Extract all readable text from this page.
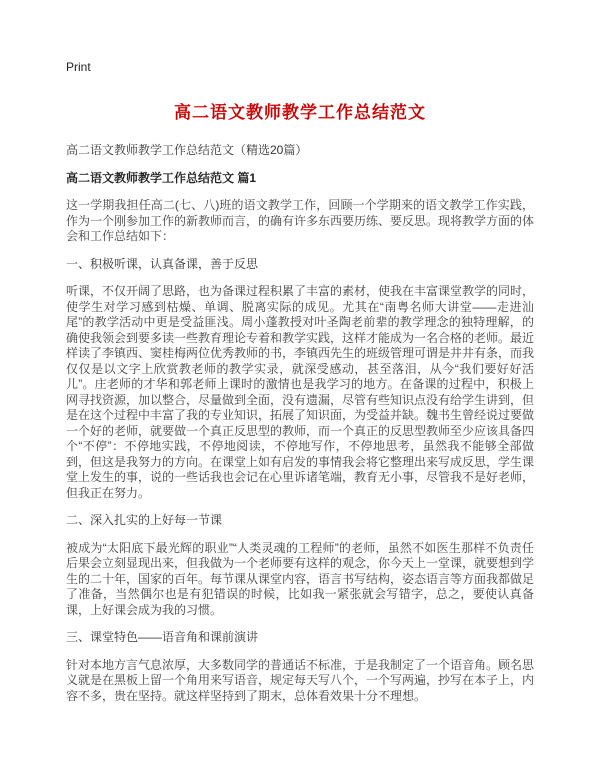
Print
高二语文教师教学工作总结范文

高二语文教师教学工作总结范文（精选20篇）

高二语文教师教学工作总结范文 篇1

这一学期我担任高二(七、八)班的语文教学工作，回顾一个学期来的语文教学工作实践，作为一个刚参加工作的新教师而言，的确有许多东西要历练、要反思。现将教学方面的体会和工作总结如下：

一、积极听课，认真备课，善于反思

听课，不仅开阔了思路，也为备课过程积累了丰富的素材，使我在丰富课堂教学的同时，使学生对学习感到枯燥、单调、脱离实际的成见。尤其在“南粤名师大讲堂——走进汕尾”的教学活动中更是受益匪浅。周小蓬教授对叶圣陶老前辈的教学理念的独特理解，的确使我领会到要多读一些教育理论专着和教学实践，这样才能成为一名合格的老师。最近样读了李镇西、窦桂梅两位优秀教师的书，李镇西先生的班级管理可谓是井井有条，而我仅仅是以文字上欣赏教老师的教学实录，就深受感动，甚至落泪，从今“我们要好好活儿”。庄老师的才华和郭老师上课时的激情也是我学习的地方。在备课的过程中，积极上网寻找资源，加以整合，尽量做到全面，没有遗漏，尽管有些知识点没有给学生讲到，但是在这个过程中丰富了我的专业知识，拓展了知识面，为受益并缺。魏书生曾经说过要做一个好的老师，就要做一个真正反思型的教师，而一个真正的反思型教师至少应该具备四个“不停”：不停地实践，不停地阅读，不停地写作，不停地思考，虽然我不能够全部做到，但这是我努力的方向。在课堂上如有启发的事情我会将它整理出来写成反思，学生课堂上发生的事，说的一些话我也会记在心里诉诸笔端，教育无小事，尽管我不是好老师，但我正在努力。

二、深入扎实的上好每一节课

被成为“太阳底下最光辉的职业”“人类灵魂的工程师”的老师，虽然不如医生那样不负责任后果会立刻显现出来，但我做为一个老师要有这样的观念，你今天上一堂课，就要想到学生的二十年，国家的百年。每节课从课堂内容，语言书写结构，姿态语言等方面我都做足了准备，当然偶尔也是有犯错误的时候，比如我一紧张就会写错字，总之，要使认真备课，上好课会成为我的习惯。

三、课堂特色——语音角和课前演讲

针对本地方言气息浓厚，大多数同学的普通话不标准，于是我制定了一个语音角。顾名思义就是在黑板上留一个角用来写语音，规定每天写八个，一个写两遍，抄写在本子上，内容不多，贵在坚持。就这样坚持到了期末，总体看效果十分不理想。
